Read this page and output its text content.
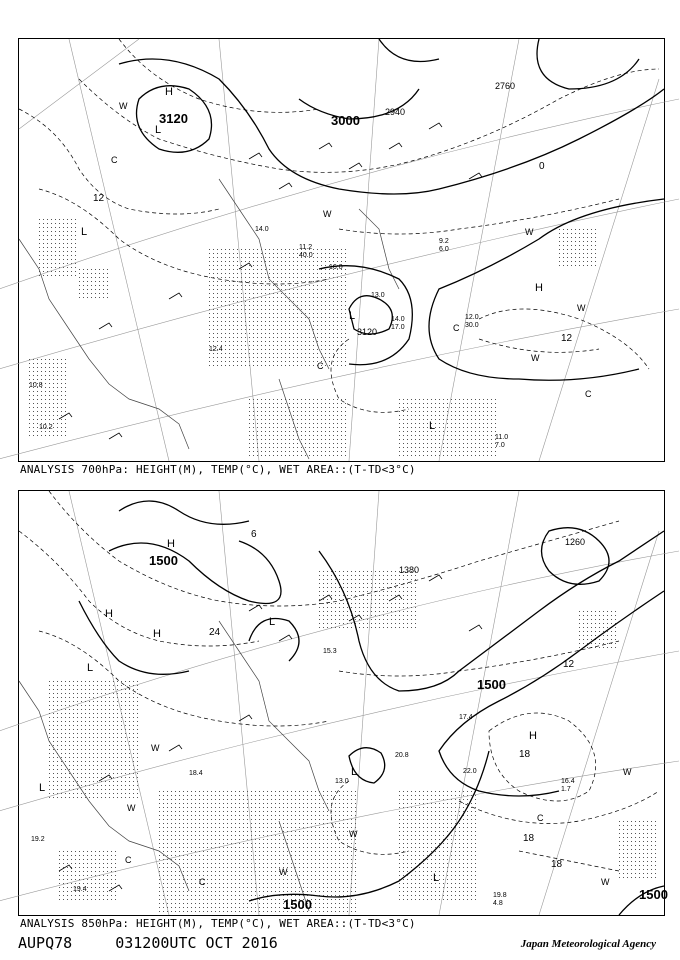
3120	3000
2940
2760
3120
12
0
12
H
L
H
L
L
L
W
C
C
W
W
W
C
C
W
10.8
13.0
11.2
40.0
16.0
14.0
17.0
12.0
30.0
11.0
7.0
12.4
10.2
9.2
6.0
14.0
ANALYSIS 700hPa: HEIGHT(M), TEMP(°C), WET AREA::(T-TD<3°C)
1500
1380
1260
1500
1500
1500
6
24
12
18
18
18
H
H
H
L
L
L
L
H
L
W
W
C
C
W
W
C
W
W
19.8
4.8
22.0
16.4
1.7
17.4
20.8
13.0
19.4
18.4
19.2
15.3
ANALYSIS 850hPa: HEIGHT(M), TEMP(°C), WET AREA::(T-TD<3°C)
AUPQ78	031200UTC OCT 2016	Japan Meteorological Agency
